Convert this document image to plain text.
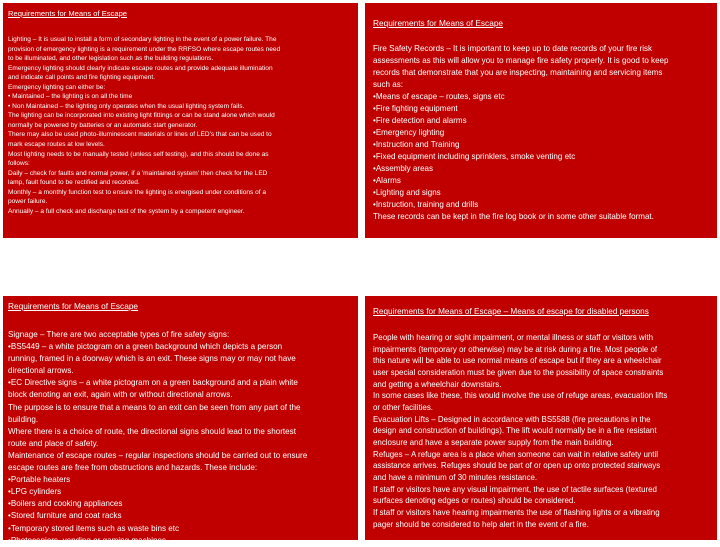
Requirements for Means of Escape

Lighting – It is usual to install a form of secondary lighting in the event of a power failure. The

provision of emergency lighting is a requirement under the RRFSO where escape routes need

to be illuminated, and other legislation such as the building regulations.

Emergency lighting should clearly indicate escape routes and provide adequate illumination

and indicate call points and fire fighting equipment.

Emergency lighting can either be:

• Maintained – the lighting is on all the time

• Non Maintained – the lighting only operates when the usual lighting system fails.

The lighting can be incorporated into existing light fittings or can be stand alone which would

normally be powered by batteries or an automatic start generator.

There may also be used photo-illuminescent materials or lines of LED's that can be used to

mark escape routes at low levels.

Most lighting needs to be manually tested (unless self testing), and this should be done as

follows:

Daily – check for faults and normal power, if a 'maintained system' then check for the LED

lamp, fault found to be rectified and recorded.

Monthly – a monthly function test to ensure the lighting is energised under conditions of a

power failure.

Annually – a full check and discharge test of the system by a competent engineer.

Requirements for Means of Escape

Fire Safety Records – It is important to keep up to date records of your fire risk

assessments as this will allow you to manage fire safety properly. It is good to keep

records that demonstrate that you are inspecting, maintaining and servicing items

such as:

•Means of escape – routes, signs etc

•Fire fighting equipment

•Fire detection and alarms

•Emergency lighting

•Instruction and Training

•Fixed equipment including sprinklers, smoke venting etc

•Assembly areas

•Alarms

•Lighting and signs

•Instruction, training and drills

These records can be kept in the fire log book or in some other suitable format.

Requirements for Means of Escape

Signage – There are two acceptable types of fire safety signs:

•BS5449 – a white pictogram on a green background which depicts a person

running, framed in a doorway which is an exit. These signs may or may not have

directional arrows.

•EC Directive signs – a white pictogram on a green background and a plain white

block denoting an exit, again with or without directional arrows.

The purpose is to ensure that a means to an exit can be seen from any part of the

building.

Where there is a choice of route, the directional signs should lead to the shortest

route and place of safety.

Maintenance of escape routes – regular inspections should be carried out to ensure

escape routes are free from obstructions and hazards. These include:

•Portable heaters

•LPG cylinders

•Boilers and cooking appliances

•Stored furniture and coat racks

•Temporary stored items such as waste bins etc

•Photocopiers, vending or gaming machines.

Requirements for Means of Escape – Means of escape for disabled persons

People with hearing or sight impairment, or mental illness or staff or visitors with

impairments (temporary or otherwise) may be at risk during a fire. Most people of

this nature will be able to use normal means of escape but if they are a wheelchair

user special consideration must be given due to the possibility of space constraints

and getting a wheelchair downstairs.

In some cases like these, this would involve the use of refuge areas, evacuation lifts

or other facilities.

Evacuation Lifts – Designed in accordance with BS5588 (fire precautions in the

design and construction of buildings). The lift would normally be in a fire resistant

enclosure and have a separate power supply from the main building.

Refuges – A refuge area is a place when someone can wait in relative safety until

assistance arrives. Refuges should be part of or open up onto protected stairways

and have a minimum of 30 minutes resistance.

If staff or visitors have any visual impairment, the use of tactile surfaces (textured

surfaces denoting edges or routes) should be considered.

If staff or visitors have hearing impairments the use of flashing lights or a vibrating

pager should be considered to help alert in the event of a fire.
